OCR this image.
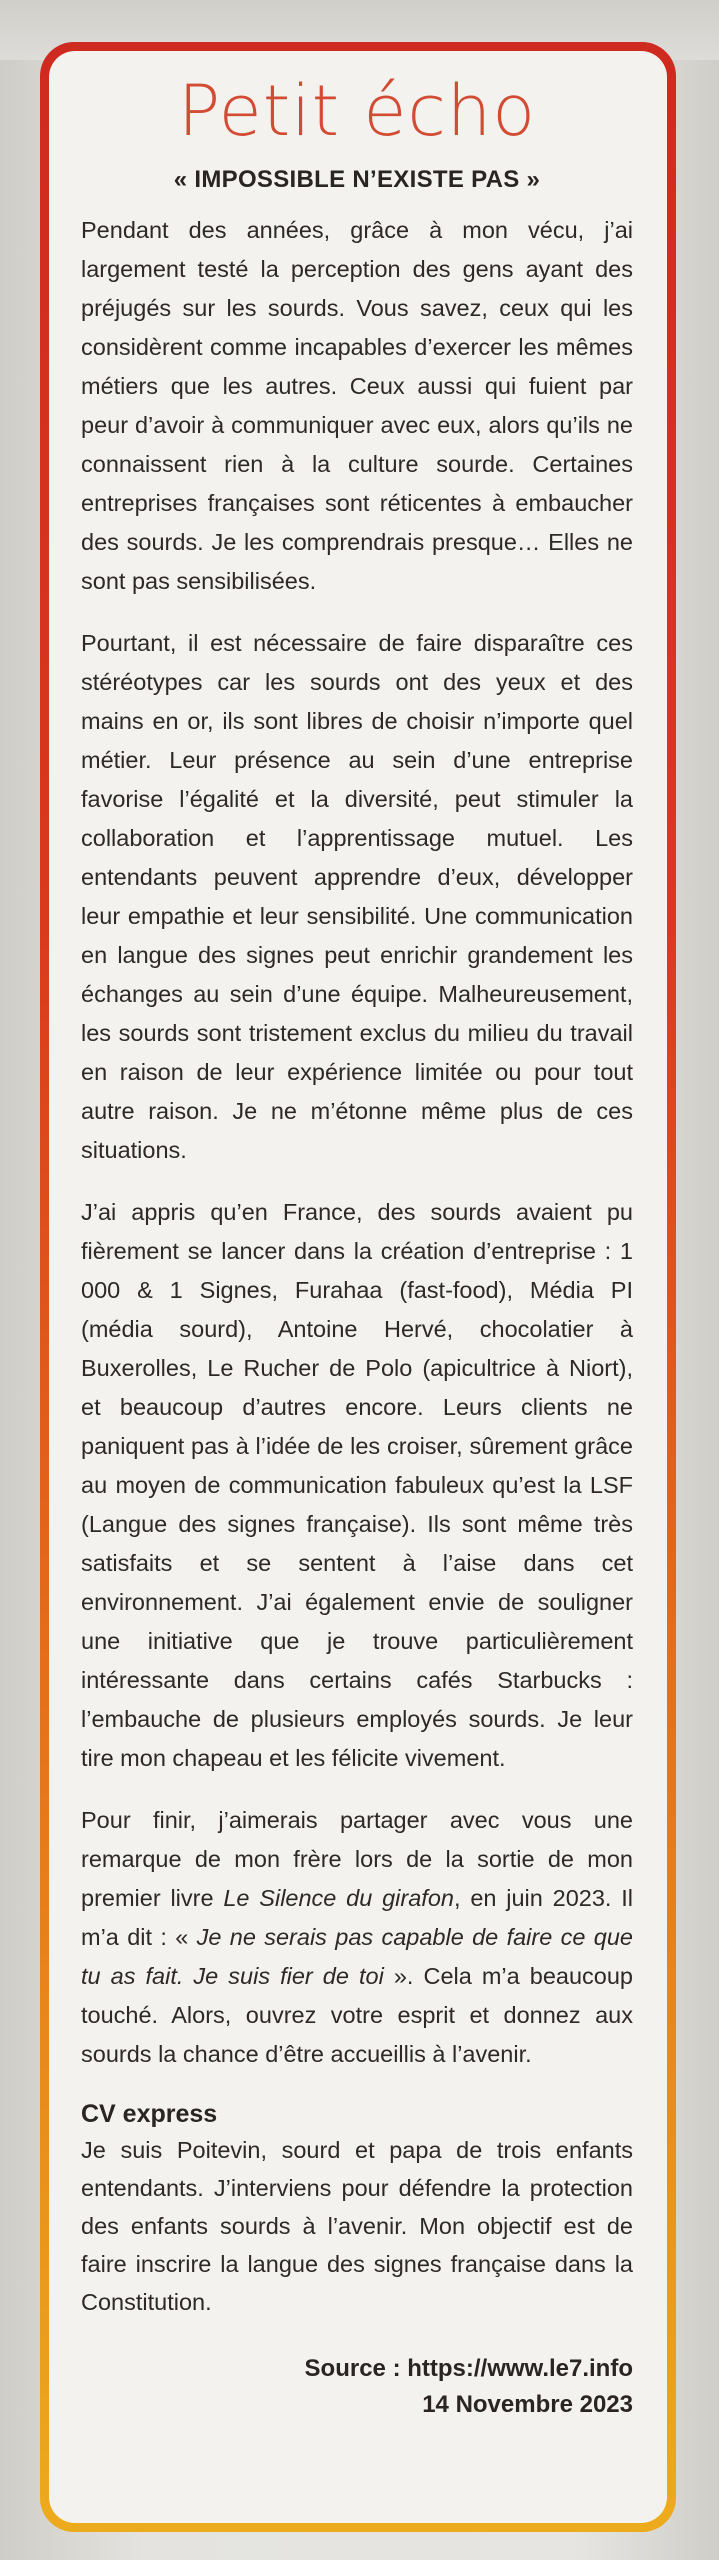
Petit écho
« IMPOSSIBLE N’EXISTE PAS »

Pendant des années, grâce à mon vécu, j’ai largement testé la perception des gens ayant des préjugés sur les sourds. Vous savez, ceux qui les considèrent comme incapables d’exercer les mêmes métiers que les autres. Ceux aussi qui fuient par peur d’avoir à communiquer avec eux, alors qu’ils ne connaissent rien à la culture sourde. Certaines entreprises françaises sont réticentes à embaucher des sourds. Je les comprendrais presque… Elles ne sont pas sensibilisées.

Pourtant, il est nécessaire de faire disparaître ces stéréotypes car les sourds ont des yeux et des mains en or, ils sont libres de choisir n’importe quel métier. Leur présence au sein d’une entreprise favorise l’égalité et la diversité, peut stimuler la collaboration et l’apprentissage mutuel. Les entendants peuvent apprendre d’eux, développer leur empathie et leur sensibilité. Une communication en langue des signes peut enrichir grandement les échanges au sein d’une équipe. Malheureusement, les sourds sont tristement exclus du milieu du travail en raison de leur expérience limitée ou pour tout autre raison. Je ne m’étonne même plus de ces situations.

J’ai appris qu’en France, des sourds avaient pu fièrement se lancer dans la création d’entreprise : 1 000 & 1 Signes, Furahaa (fast-food), Média PI (média sourd), Antoine Hervé, chocolatier à Buxerolles, Le Rucher de Polo (apicultrice à Niort), et beaucoup d’autres encore. Leurs clients ne paniquent pas à l’idée de les croiser, sûrement grâce au moyen de communication fabuleux qu’est la LSF (Langue des signes française). Ils sont même très satisfaits et se sentent à l’aise dans cet environnement. J’ai également envie de souligner une initiative que je trouve particulièrement intéressante dans certains cafés Starbucks : l’embauche de plusieurs employés sourds. Je leur tire mon chapeau et les félicite vivement.

Pour finir, j’aimerais partager avec vous une remarque de mon frère lors de la sortie de mon premier livre Le Silence du girafon, en juin 2023. Il m’a dit : « Je ne serais pas capable de faire ce que tu as fait. Je suis fier de toi ». Cela m’a beaucoup touché. Alors, ouvrez votre esprit et donnez aux sourds la chance d’être accueillis à l’avenir.

CV express

Je suis Poitevin, sourd et papa de trois enfants entendants. J’interviens pour défendre la protection des enfants sourds à l’avenir. Mon objectif est de faire inscrire la langue des signes française dans la Constitution.

Source : https://www.le7.info

14 Novembre 2023
